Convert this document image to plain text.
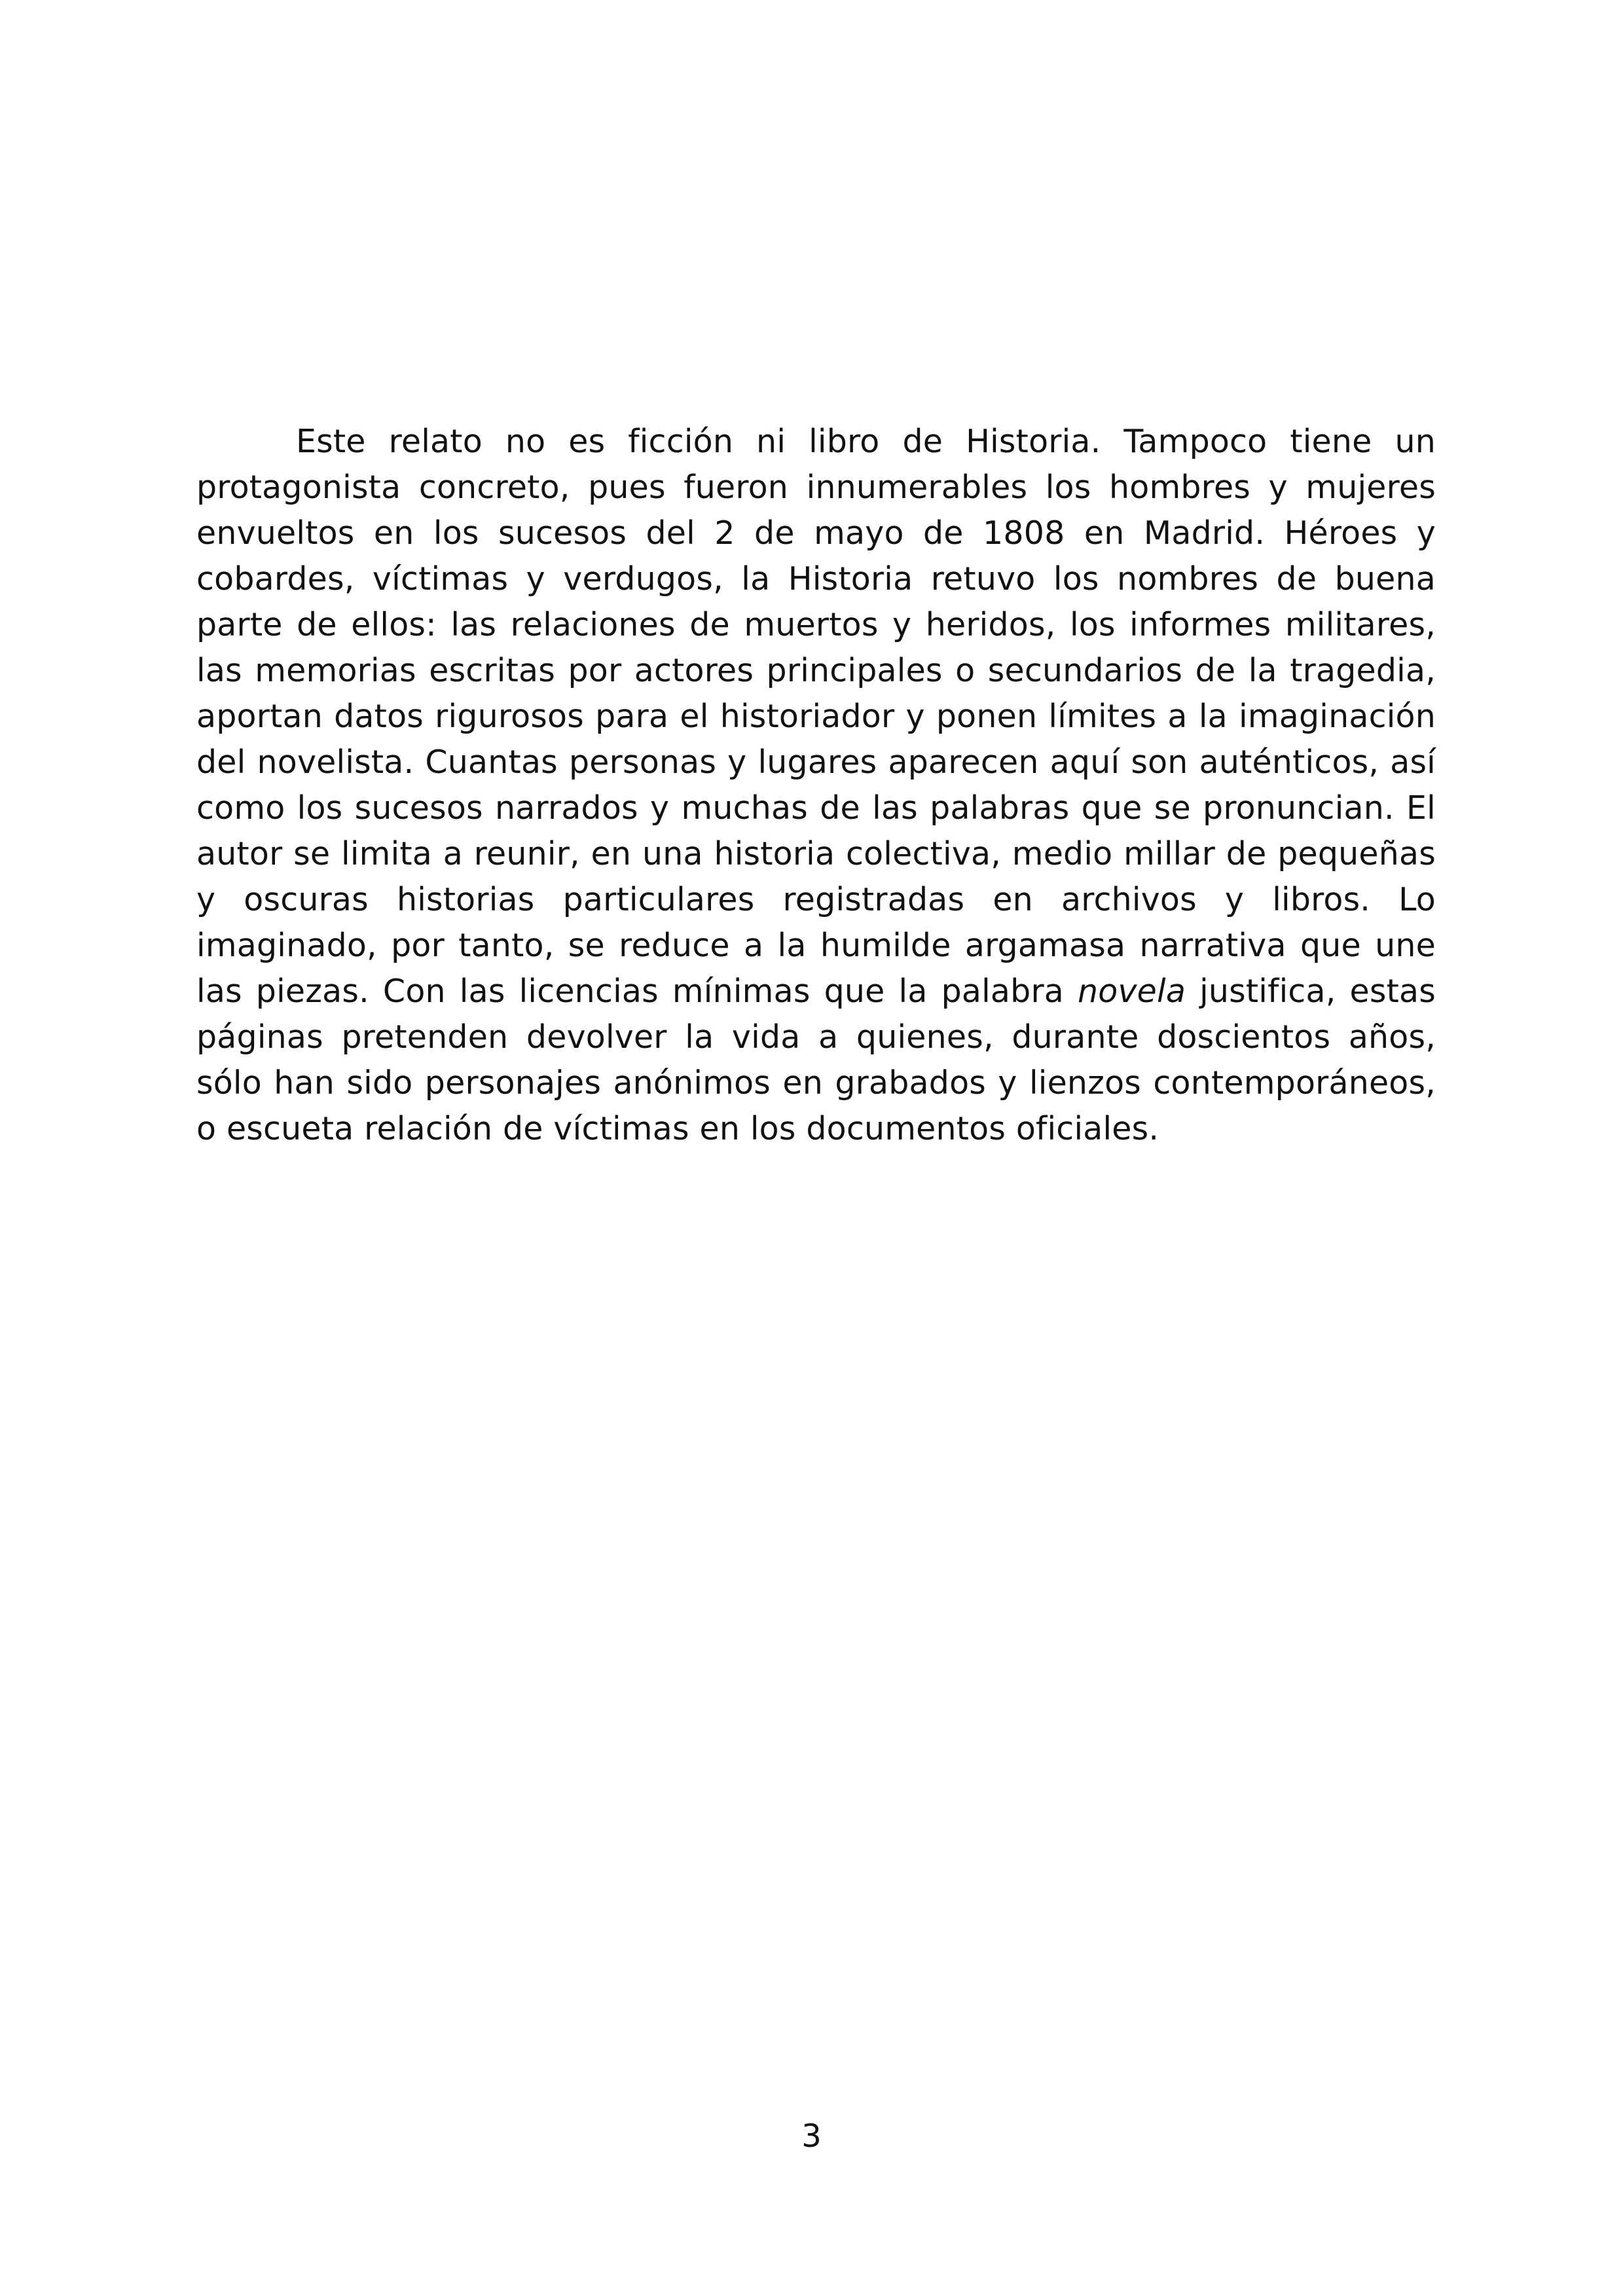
Este relato no es ficción ni libro de Historia. Tampoco tiene un protagonista concreto, pues fueron innumerables los hombres y mujeres envueltos en los sucesos del 2 de mayo de 1808 en Madrid. Héroes y cobardes, víctimas y verdugos, la Historia retuvo los nombres de buena parte de ellos: las relaciones de muertos y heridos, los informes militares, las memorias escritas por actores principales o secundarios de la tragedia, aportan datos rigurosos para el historiador y ponen límites a la imaginación del novelista. Cuantas personas y lugares aparecen aquí son auténticos, así como los sucesos narrados y muchas de las palabras que se pronuncian. El autor se limita a reunir, en una historia colectiva, medio millar de pequeñas y oscuras historias particulares registradas en archivos y libros. Lo imaginado, por tanto, se reduce a la humilde argamasa narrativa que une las piezas. Con las licencias mínimas que la palabra novela justifica, estas páginas pretenden devolver la vida a quienes, durante doscientos años, sólo han sido personajes anónimos en grabados y lienzos contemporáneos, o escueta relación de víctimas en los documentos oficiales.

3
